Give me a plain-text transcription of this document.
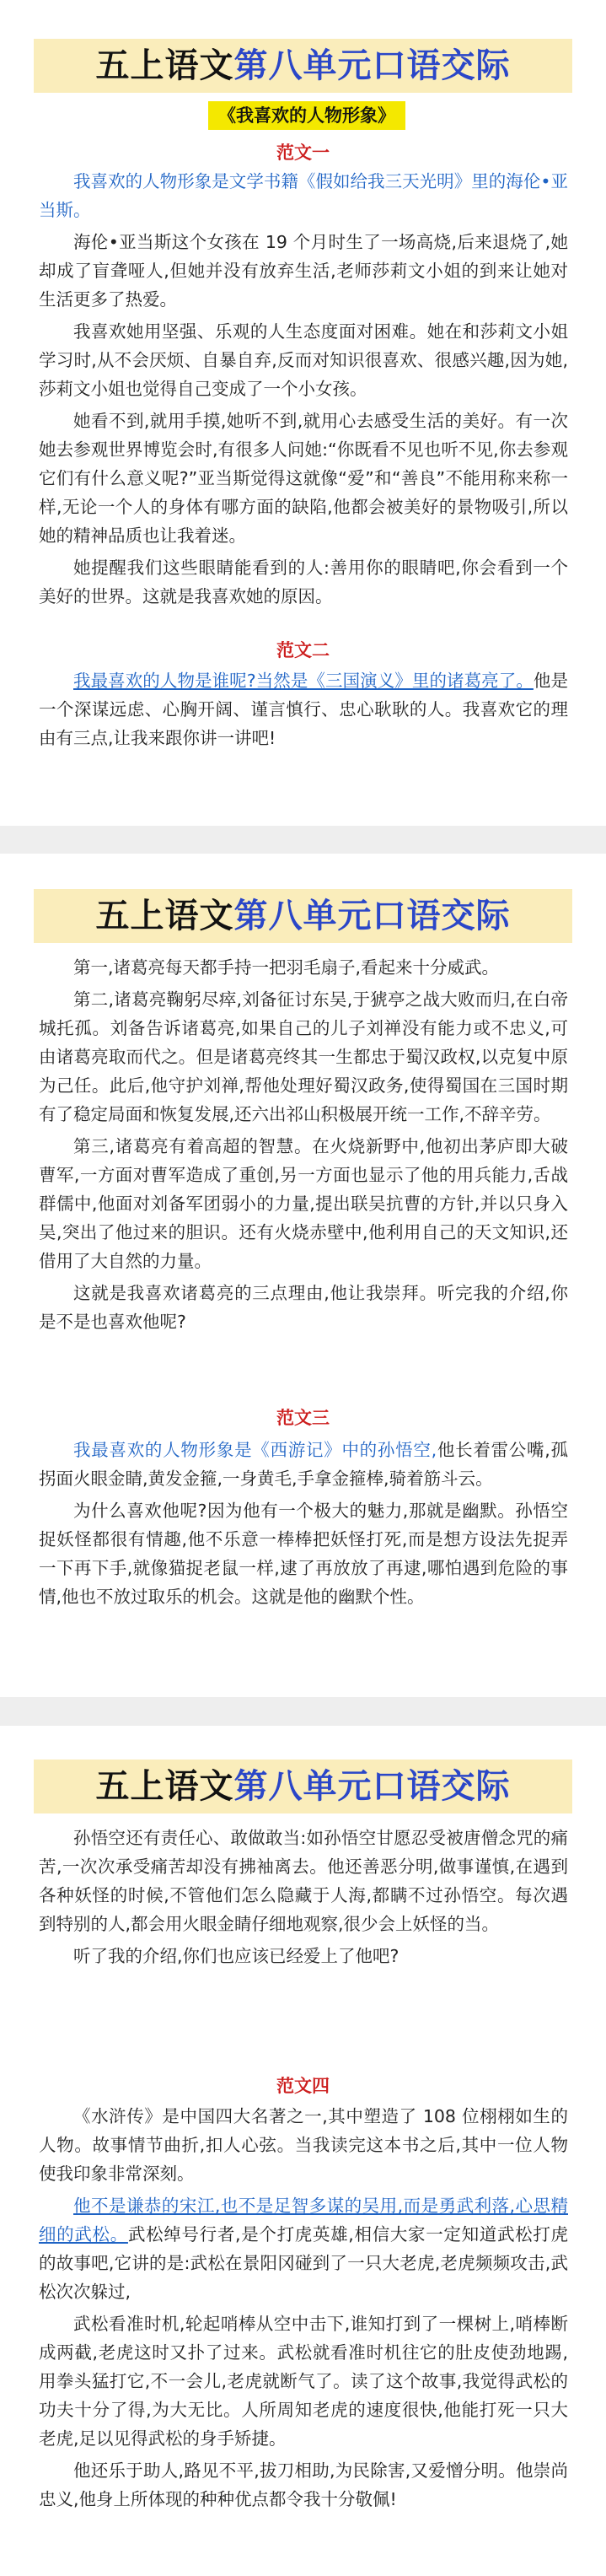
五上语文第八单元口语交际
《我喜欢的人物形象》
范文一

我喜欢的人物形象是文学书籍《假如给我三天光明》里的海伦•亚当斯。

海伦•亚当斯这个女孩在 19 个月时生了一场高烧,后来退烧了,她却成了盲聋哑人,但她并没有放弃生活,老师莎莉文小姐的到来让她对生活更多了热爱。

我喜欢她用坚强、乐观的人生态度面对困难。她在和莎莉文小姐学习时,从不会厌烦、自暴自弃,反而对知识很喜欢、很感兴趣,因为她,莎莉文小姐也觉得自己变成了一个小女孩。

她看不到,就用手摸,她听不到,就用心去感受生活的美好。有一次她去参观世界博览会时,有很多人问她:“你既看不见也听不见,你去参观它们有什么意义呢?”亚当斯觉得这就像“爱”和“善良”不能用称来称一样,无论一个人的身体有哪方面的缺陷,他都会被美好的景物吸引,所以她的精神品质也让我着迷。

她提醒我们这些眼睛能看到的人:善用你的眼睛吧,你会看到一个美好的世界。这就是我喜欢她的原因。

范文二

我最喜欢的人物是谁呢?当然是《三国演义》里的诸葛亮了。他是一个深谋远虑、心胸开阔、谨言慎行、忠心耿耿的人。我喜欢它的理由有三点,让我来跟你讲一讲吧!

五上语文第八单元口语交际

第一,诸葛亮每天都手持一把羽毛扇子,看起来十分威武。

第二,诸葛亮鞠躬尽瘁,刘备征讨东吴,于猇亭之战大败而归,在白帝城托孤。刘备告诉诸葛亮,如果自己的儿子刘禅没有能力或不忠义,可由诸葛亮取而代之。但是诸葛亮终其一生都忠于蜀汉政权,以克复中原为己任。此后,他守护刘禅,帮他处理好蜀汉政务,使得蜀国在三国时期有了稳定局面和恢复发展,还六出祁山积极展开统一工作,不辞辛劳。

第三,诸葛亮有着高超的智慧。在火烧新野中,他初出茅庐即大破曹军,一方面对曹军造成了重创,另一方面也显示了他的用兵能力,舌战群儒中,他面对刘备军团弱小的力量,提出联吴抗曹的方针,并以只身入吴,突出了他过来的胆识。还有火烧赤壁中,他利用自己的天文知识,还借用了大自然的力量。

这就是我喜欢诸葛亮的三点理由,他让我崇拜。听完我的介绍,你是不是也喜欢他呢?

范文三

我最喜欢的人物形象是《西游记》中的孙悟空,他长着雷公嘴,孤拐面火眼金睛,黄发金箍,一身黄毛,手拿金箍棒,骑着筋斗云。

为什么喜欢他呢?因为他有一个极大的魅力,那就是幽默。孙悟空捉妖怪都很有情趣,他不乐意一棒棒把妖怪打死,而是想方设法先捉弄一下再下手,就像猫捉老鼠一样,逮了再放放了再逮,哪怕遇到危险的事情,他也不放过取乐的机会。这就是他的幽默个性。

五上语文第八单元口语交际

孙悟空还有责任心、敢做敢当:如孙悟空甘愿忍受被唐僧念咒的痛苦,一次次承受痛苦却没有拂袖离去。他还善恶分明,做事谨慎,在遇到各种妖怪的时候,不管他们怎么隐藏于人海,都瞒不过孙悟空。每次遇到特别的人,都会用火眼金睛仔细地观察,很少会上妖怪的当。

听了我的介绍,你们也应该已经爱上了他吧?

范文四

《水浒传》是中国四大名著之一,其中塑造了 108 位栩栩如生的人物。故事情节曲折,扣人心弦。当我读完这本书之后,其中一位人物使我印象非常深刻。

他不是谦恭的宋江,也不是足智多谋的吴用,而是勇武利落,心思精细的武松。武松绰号行者,是个打虎英雄,相信大家一定知道武松打虎的故事吧,它讲的是:武松在景阳冈碰到了一只大老虎,老虎频频攻击,武松次次躲过,

武松看准时机,轮起哨棒从空中击下,谁知打到了一棵树上,哨棒断成两截,老虎这时又扑了过来。武松就看准时机往它的肚皮使劲地踢,用拳头猛打它,不一会儿,老虎就断气了。读了这个故事,我觉得武松的功夫十分了得,为大无比。人所周知老虎的速度很快,他能打死一只大老虎,足以见得武松的身手矫捷。

他还乐于助人,路见不平,拔刀相助,为民除害,又爱憎分明。他崇尚忠义,他身上所体现的种种优点都令我十分敬佩!
